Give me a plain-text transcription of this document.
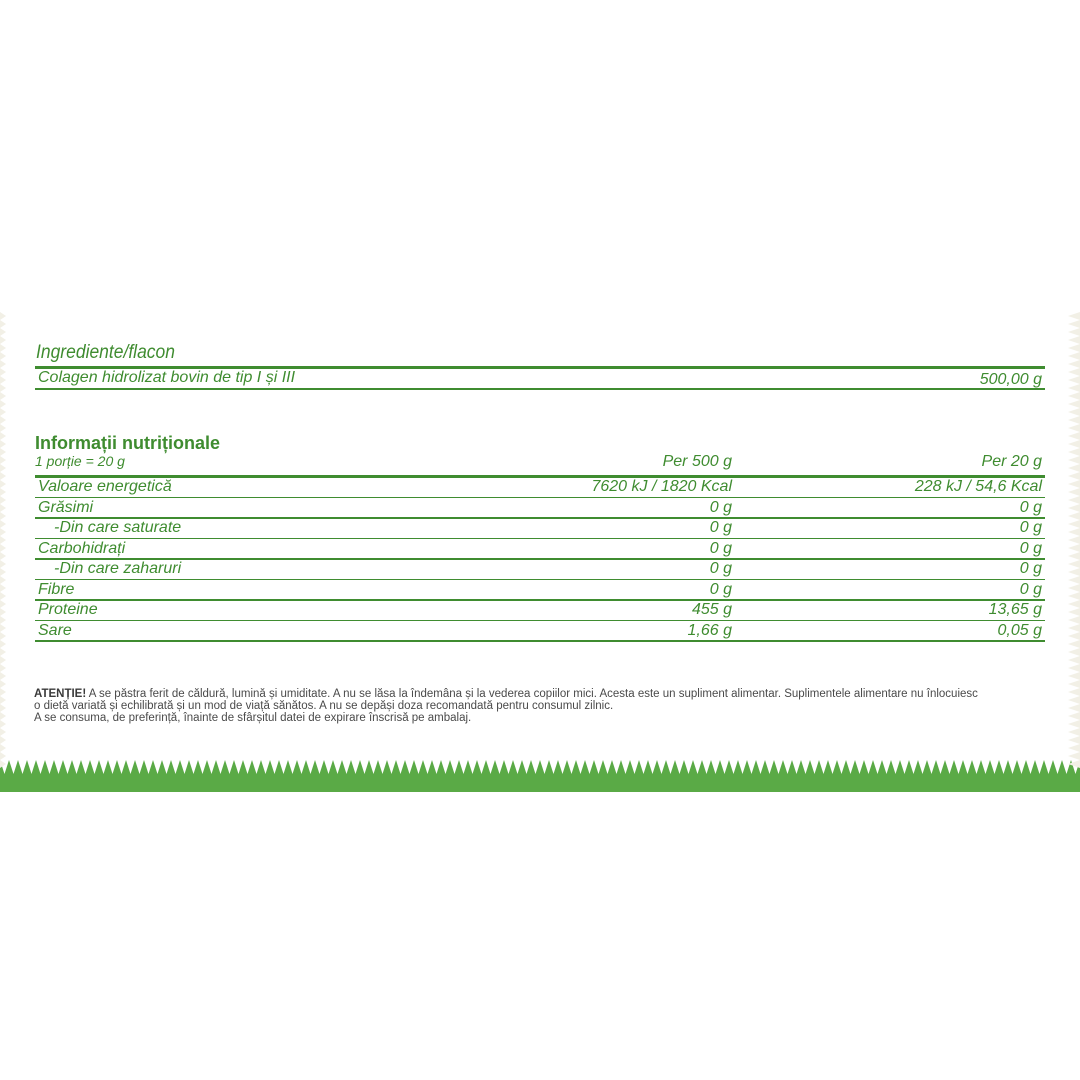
Ingrediente/flacon
Colagen hidrolizat bovin de tip I și III	500,00 g
Informații nutriționale
1 porție = 20 g	Per 500 g	Per 20 g
Valoare energetică	7620 kJ / 1820 Kcal	228 kJ / 54,6 Kcal
Grăsimi	0 g	0 g
-Din care saturate	0 g	0 g
Carbohidrați	0 g	0 g
-Din care zaharuri	0 g	0 g
Fibre	0 g	0 g
Proteine	455 g	13,65 g
Sare	1,66 g	0,05 g
ATENȚIE! A se păstra ferit de căldură, lumină și umiditate. A nu se lăsa la îndemâna și la vederea copiilor mici. Acesta este un supliment alimentar. Suplimentele alimentare nu înlocuiesc
o dietă variată și echilibrată și un mod de viață sănătos. A nu se depăși doza recomandată pentru consumul zilnic.
A se consuma, de preferință, înainte de sfârșitul datei de expirare înscrisă pe ambalaj.
